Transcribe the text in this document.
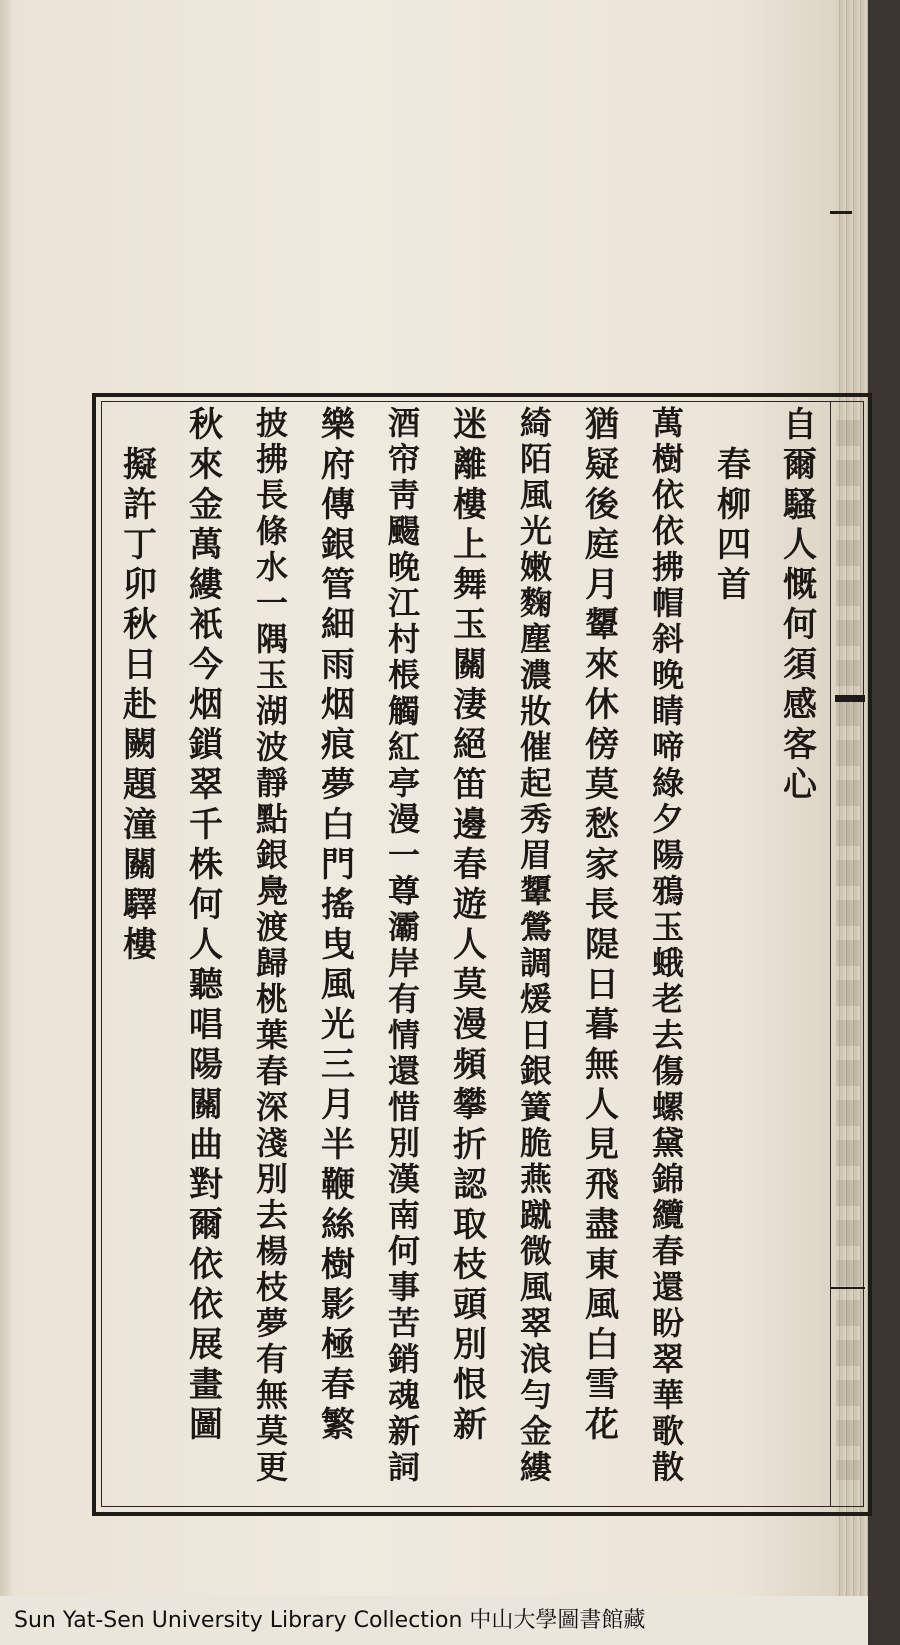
自
爾
騷
人
慨
何
須
感
客
心

春
柳
四
首
萬
樹
依
依
拂
帽
斜
晚
睛
啼
綠
夕
陽
鴉
玉
蛾
老
去
傷
螺
黛
錦
纜
春
還
盼
翠
華
歌
散
猶
疑
後
庭
月
顰
來
休
傍
莫
愁
家
長
隄
日
暮
無
人
見
飛
盡
東
風
白
雪
花
綺
陌
風
光
嫩
麴
塵
濃
妝
催
起
秀
眉
顰
鶯
調
煖
日
銀
簧
脆
燕
蹴
微
風
翠
浪
勻
金
縷
迷
離
樓
上
舞
玉
關
淒
絕
笛
邊
春
遊
人
莫
漫
頻
攀
折
認
取
枝
頭
別
恨
新
酒
帘
靑
颺
晚
江
村
棖
觸
紅
亭
漫
一
尊
灞
岸
有
情
還
惜
別
漢
南
何
事
苦
銷
魂
新
詞
樂
府
傳
銀
管
細
雨
烟
痕
夢
白
門
搖
曳
風
光
三
月
半
鞭
絲
樹
影
極
春
繁
披
拂
長
條
水
一
隅
玉
湖
波
靜
點
銀
鳧
渡
歸
桃
葉
春
深
淺
別
去
楊
枝
夢
有
無
莫
更
秋
來
金
萬
縷
衹
今
烟
鎖
翠
千
株
何
人
聽
唱
陽
關
曲
對
爾
依
依
展
畫
圖

擬
許
丁
卯
秋
日
赴
闕
題
潼
關
驛
樓
Sun Yat-Sen University Library Collection 中山大學圖書館藏
